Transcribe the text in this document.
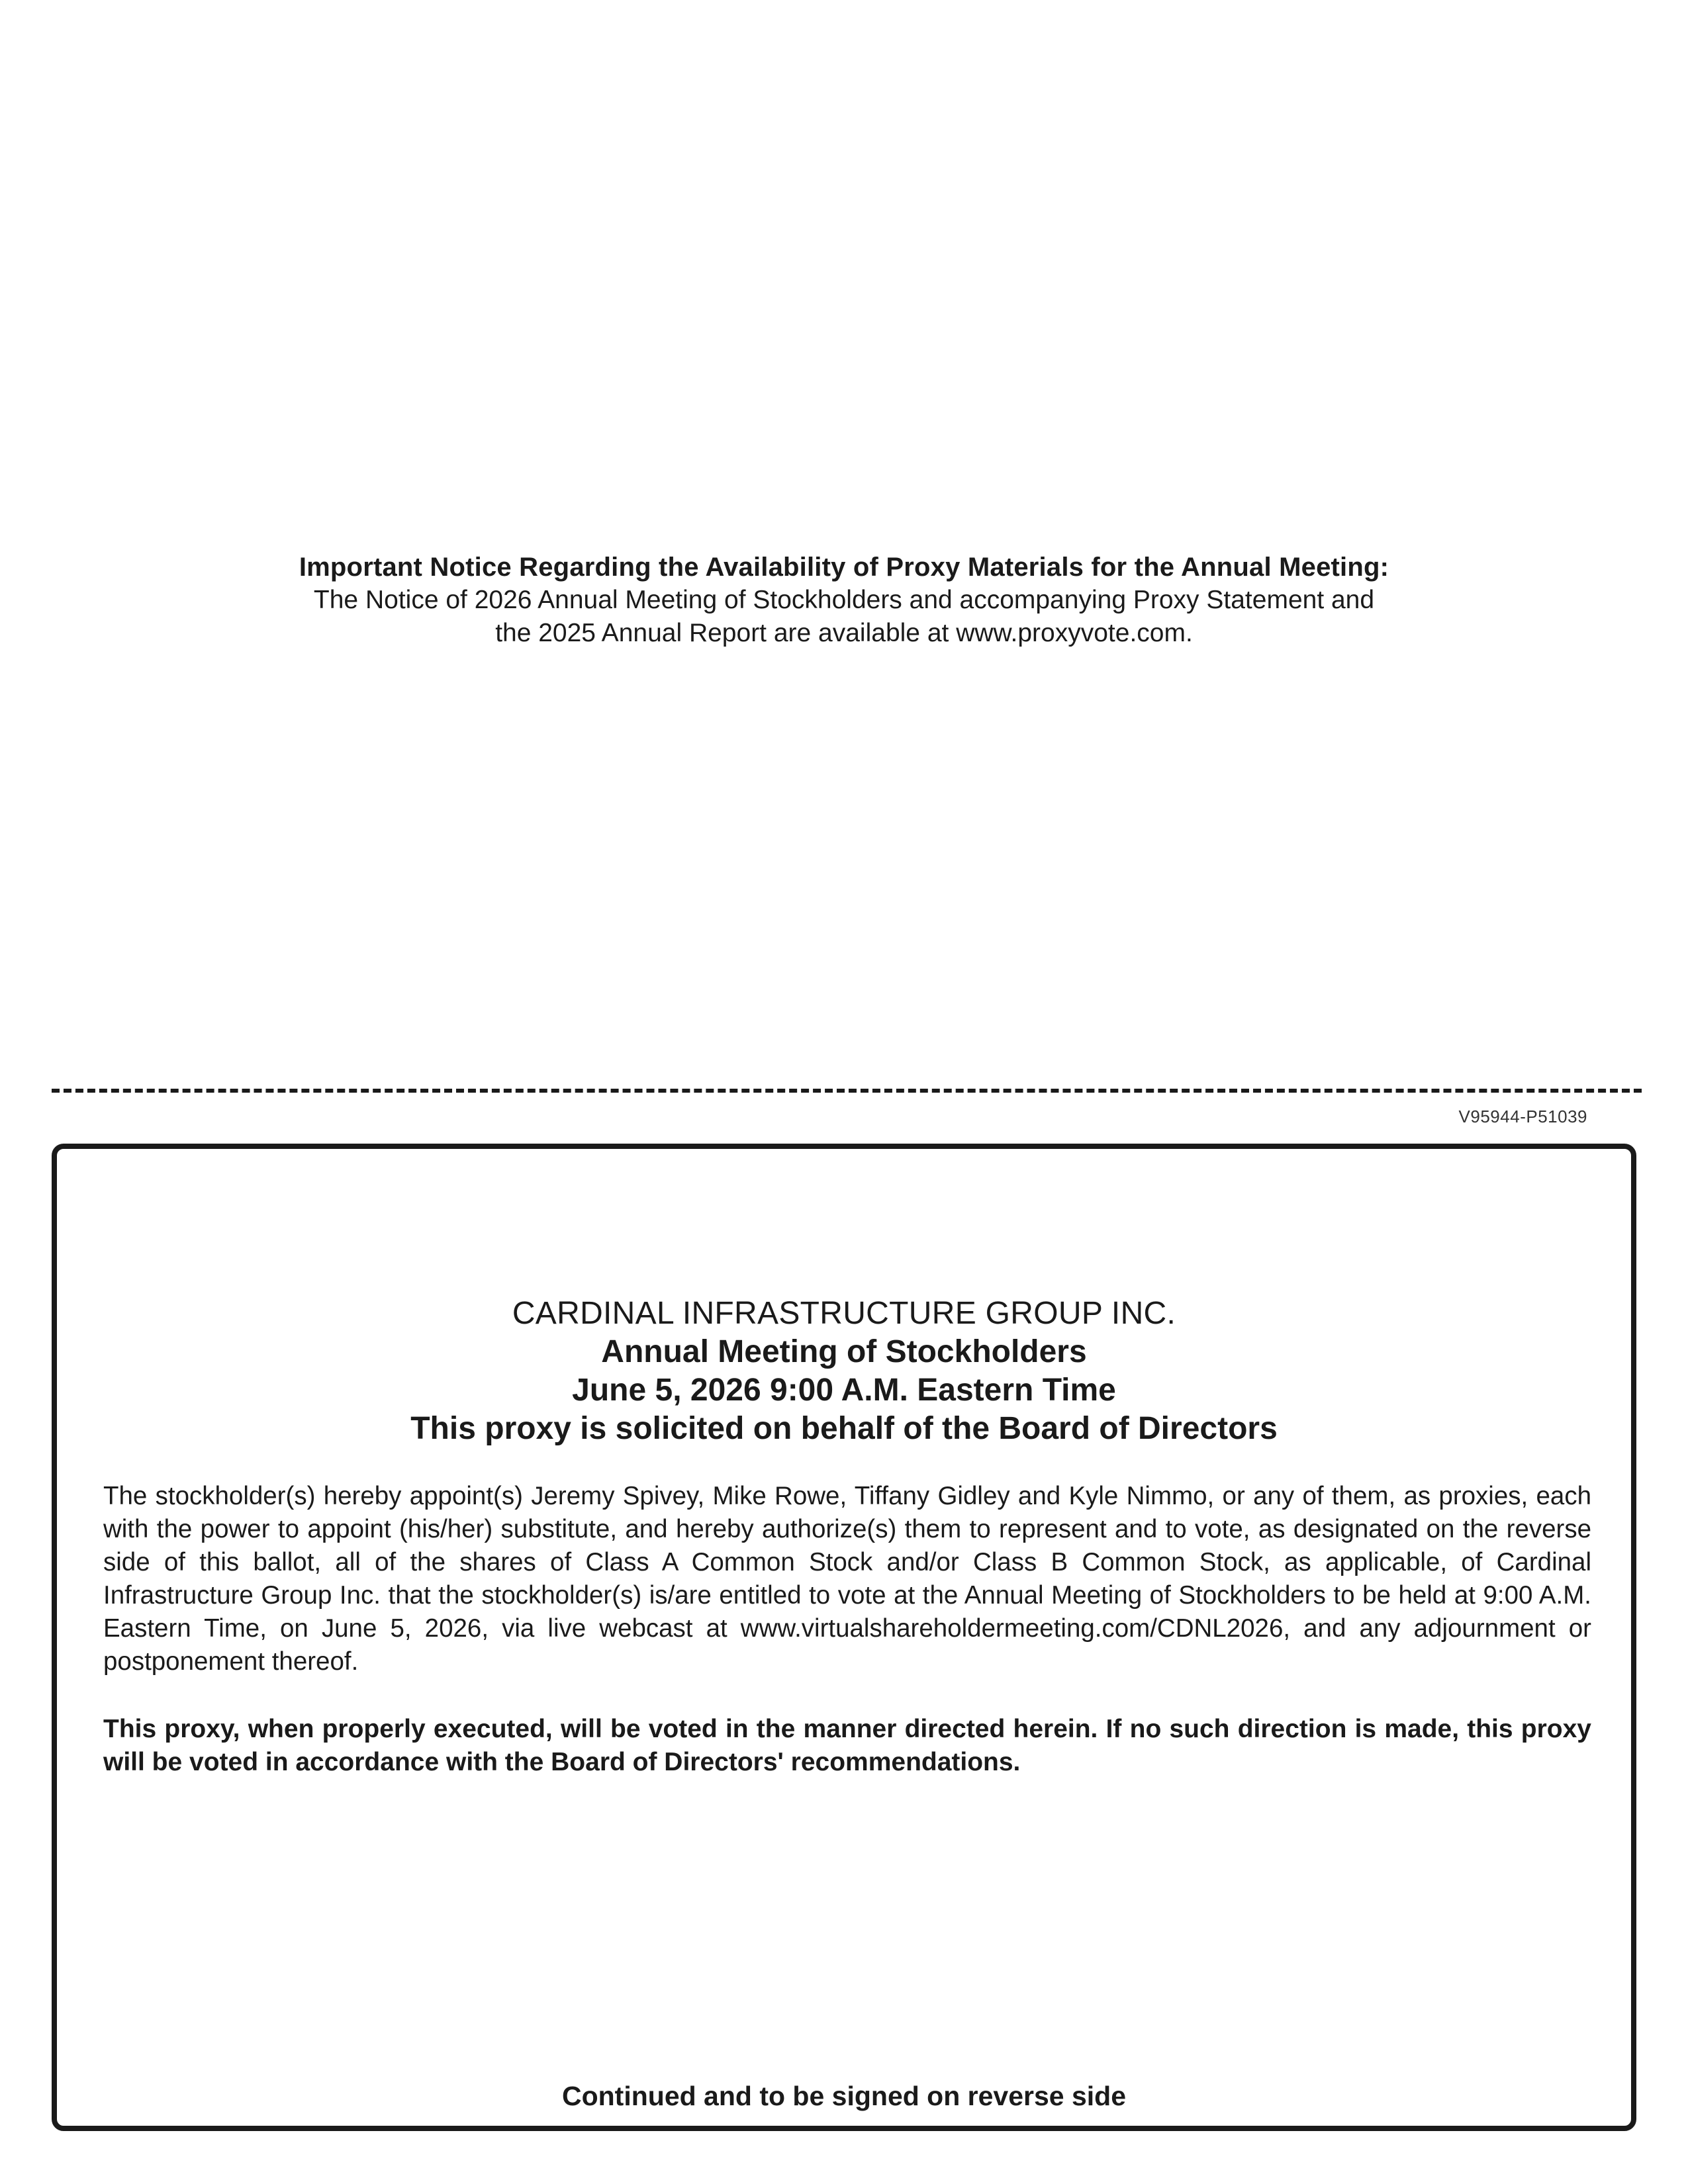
Important Notice Regarding the Availability of Proxy Materials for the Annual Meeting:
The Notice of 2026 Annual Meeting of Stockholders and accompanying Proxy Statement and
the 2025 Annual Report are available at www.proxyvote.com.
V95944-P51039
CARDINAL INFRASTRUCTURE GROUP INC.
Annual Meeting of Stockholders
June 5, 2026 9:00 A.M. Eastern Time
This proxy is solicited on behalf of the Board of Directors
The stockholder(s) hereby appoint(s) Jeremy Spivey, Mike Rowe, Tiffany Gidley and Kyle Nimmo, or any of them, as proxies, each with the power to appoint (his/her) substitute, and hereby authorize(s) them to represent and to vote, as designated on the reverse side of this ballot, all of the shares of Class A Common Stock and/or Class B Common Stock, as applicable, of Cardinal Infrastructure Group Inc. that the stockholder(s) is/are entitled to vote at the Annual Meeting of Stockholders to be held at 9:00 A.M. Eastern Time, on June 5, 2026, via live webcast at www.virtualshareholdermeeting.com/CDNL2026, and any adjournment or postponement thereof.
This proxy, when properly executed, will be voted in the manner directed herein. If no such direction is made, this proxy will be voted in accordance with the Board of Directors' recommendations.
Continued and to be signed on reverse side
